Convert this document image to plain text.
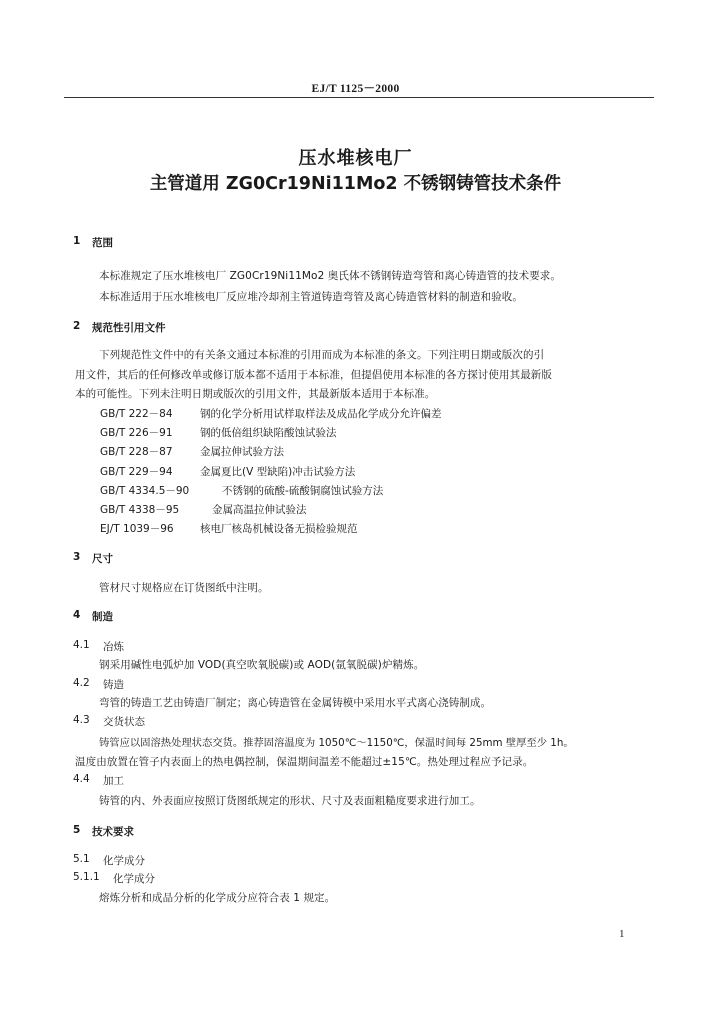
EJ/T 1125－2000
压水堆核电厂
主管道用 ZG0Cr19Ni11Mo2 不锈钢铸管技术条件
1 范围
本标准规定了压水堆核电厂 ZG0Cr19Ni11Mo2 奥氏体不锈钢铸造弯管和离心铸造管的技术要求。
本标准适用于压水堆核电厂反应堆冷却剂主管道铸造弯管及离心铸造管材料的制造和验收。
2 规范性引用文件
下列规范性文件中的有关条文通过本标准的引用而成为本标准的条文。下列注明日期或版次的引
用文件，其后的任何修改单或修订版本都不适用于本标准，但提倡使用本标准的各方探讨使用其最新版
本的可能性。下列未注明日期或版次的引用文件，其最新版本适用于本标准。
GB/T 222－84	钢的化学分析用试样取样法及成品化学成分允许偏差
GB/T 226－91	钢的低倍组织缺陷酸蚀试验法
GB/T 228－87	金属拉伸试验方法
GB/T 229－94	金属夏比(V 型缺陷)冲击试验方法
GB/T 4334.5－90	不锈钢的硫酸-硫酸铜腐蚀试验方法
GB/T 4338－95	金属高温拉伸试验法
EJ/T 1039－96	核电厂核岛机械设备无损检验规范
3 尺寸
管材尺寸规格应在订货图纸中注明。
4 制造
4.1 冶炼
钢采用碱性电弧炉加 VOD(真空吹氧脱碳)或 AOD(氩氧脱碳)炉精炼。
4.2 铸造
弯管的铸造工艺由铸造厂制定；离心铸造管在金属铸模中采用水平式离心浇铸制成。
4.3 交货状态
铸管应以固溶热处理状态交货。推荐固溶温度为 1050℃～1150℃，保温时间每 25mm 壁厚至少 1h。
温度由放置在管子内表面上的热电偶控制，保温期间温差不能超过±15℃。热处理过程应予记录。
4.4 加工
铸管的内、外表面应按照订货图纸规定的形状、尺寸及表面粗糙度要求进行加工。
5 技术要求
5.1 化学成分
5.1.1 化学成分
熔炼分析和成品分析的化学成分应符合表 1 规定。
1
